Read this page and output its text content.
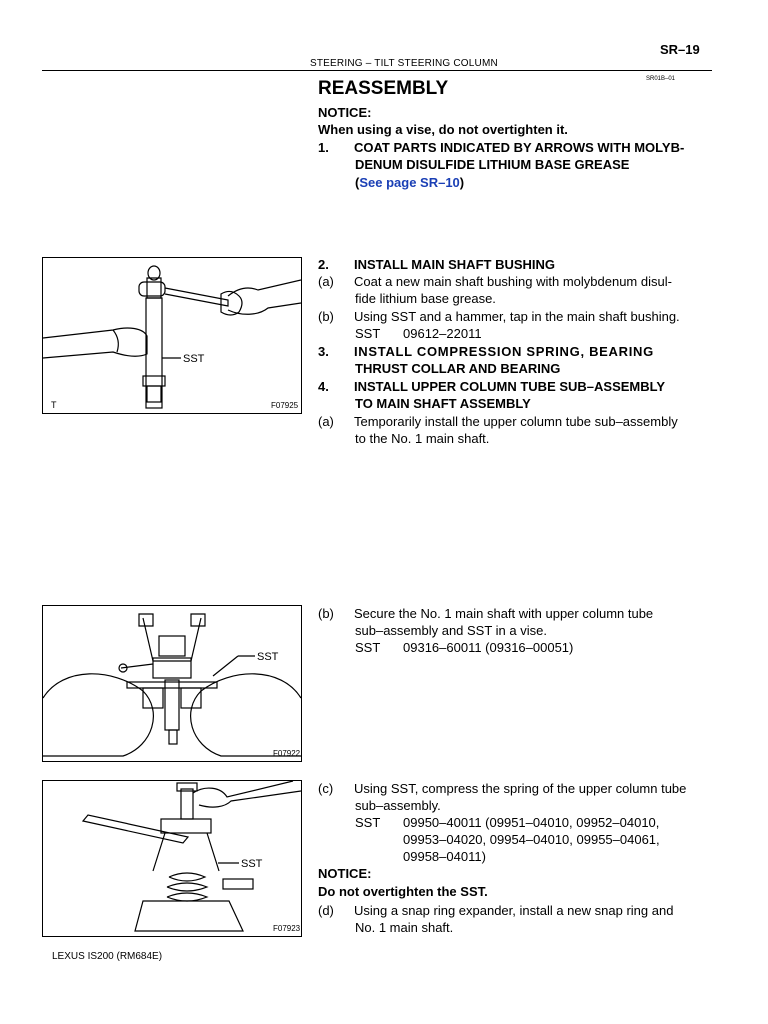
SR–19
STEERING – TILT STEERING COLUMN
SR01B–01
REASSEMBLY
NOTICE:
When using a vise, do not overtighten it.
1. COAT PARTS INDICATED BY ARROWS WITH MOLYB-
DENUM DISULFIDE LITHIUM BASE GREASE
(See page SR–10)
2. INSTALL MAIN SHAFT BUSHING
(a) Coat a new main shaft bushing with molybdenum disul-
fide lithium base grease.
(b) Using SST and a hammer, tap in the main shaft bushing.
SST 09612–22011
3. INSTALL COMPRESSION SPRING, BEARING
THRUST COLLAR AND BEARING
4. INSTALL UPPER COLUMN TUBE SUB–ASSEMBLY
TO MAIN SHAFT ASSEMBLY
(a) Temporarily install the upper column tube sub–assembly
to the No. 1 main shaft.
(b) Secure the No. 1 main shaft with upper column tube
sub–assembly and SST in a vise.
SST 09316–60011 (09316–00051)
(c) Using SST, compress the spring of the upper column tube
sub–assembly.
SST 09950–40011 (09951–04010, 09952–04010,
09953–04020, 09954–04010, 09955–04061,
09958–04011)
NOTICE:
Do not overtighten the SST.
(d) Using a snap ring expander, install a new snap ring and
No. 1 main shaft.
SST
T	F07925
SST
F07922
SST
F07923
LEXUS IS200 (RM684E)
